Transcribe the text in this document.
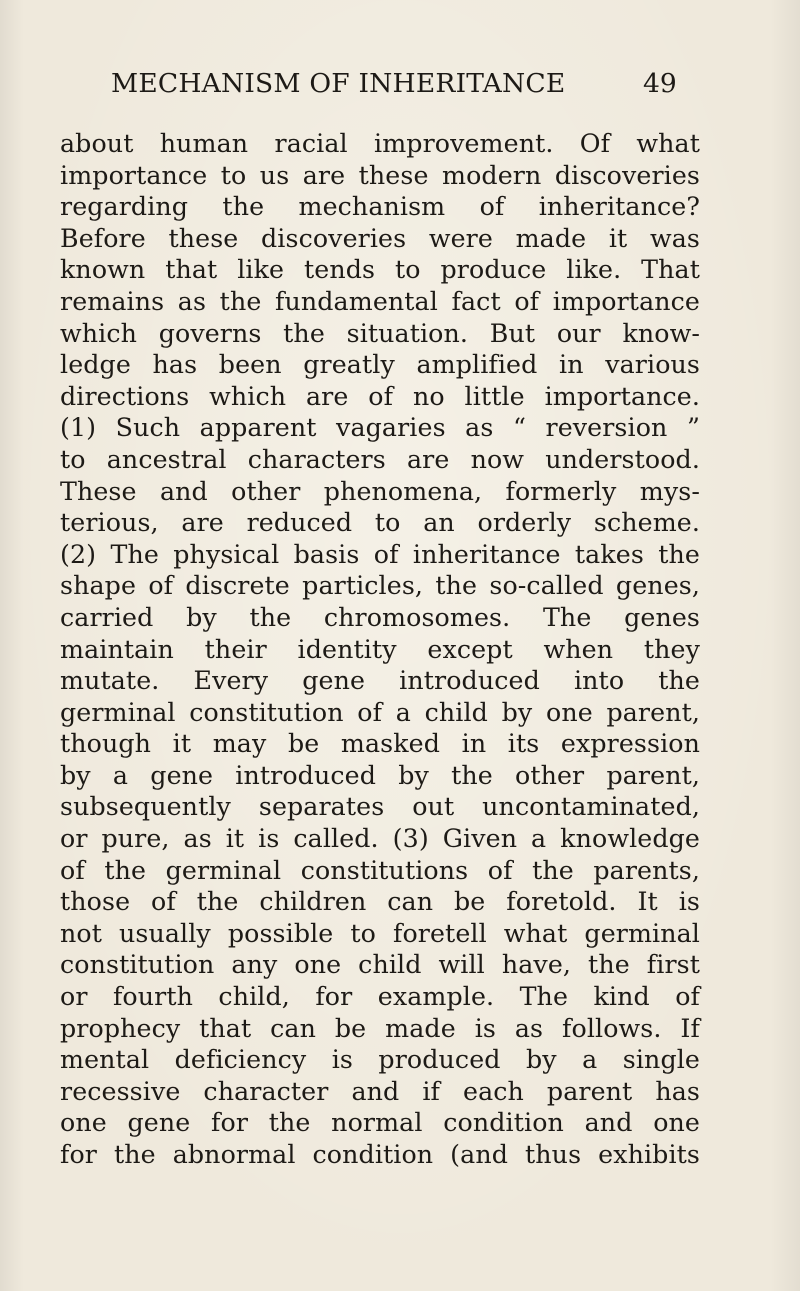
MECHANISM OF INHERITANCE	49
about human racial improvement. Of what
importance to us are these modern discoveries
regarding the mechanism of inheritance?
Before these discoveries were made it was
known that like tends to produce like. That
remains as the fundamental fact of importance
which governs the situation. But our know-
ledge has been greatly amplified in various
directions which are of no little importance.
(1) Such apparent vagaries as “ reversion ”
to ancestral characters are now understood.
These and other phenomena, formerly mys-
terious, are reduced to an orderly scheme.
(2) The physical basis of inheritance takes the
shape of discrete particles, the so-called genes,
carried by the chromosomes. The genes
maintain their identity except when they
mutate. Every gene introduced into the
germinal constitution of a child by one parent,
though it may be masked in its expression
by a gene introduced by the other parent,
subsequently separates out uncontaminated,
or pure, as it is called. (3) Given a knowledge
of the germinal constitutions of the parents,
those of the children can be foretold. It is
not usually possible to foretell what germinal
constitution any one child will have, the first
or fourth child, for example. The kind of
prophecy that can be made is as follows. If
mental deficiency is produced by a single
recessive character and if each parent has
one gene for the normal condition and one
for the abnormal condition (and thus exhibits
